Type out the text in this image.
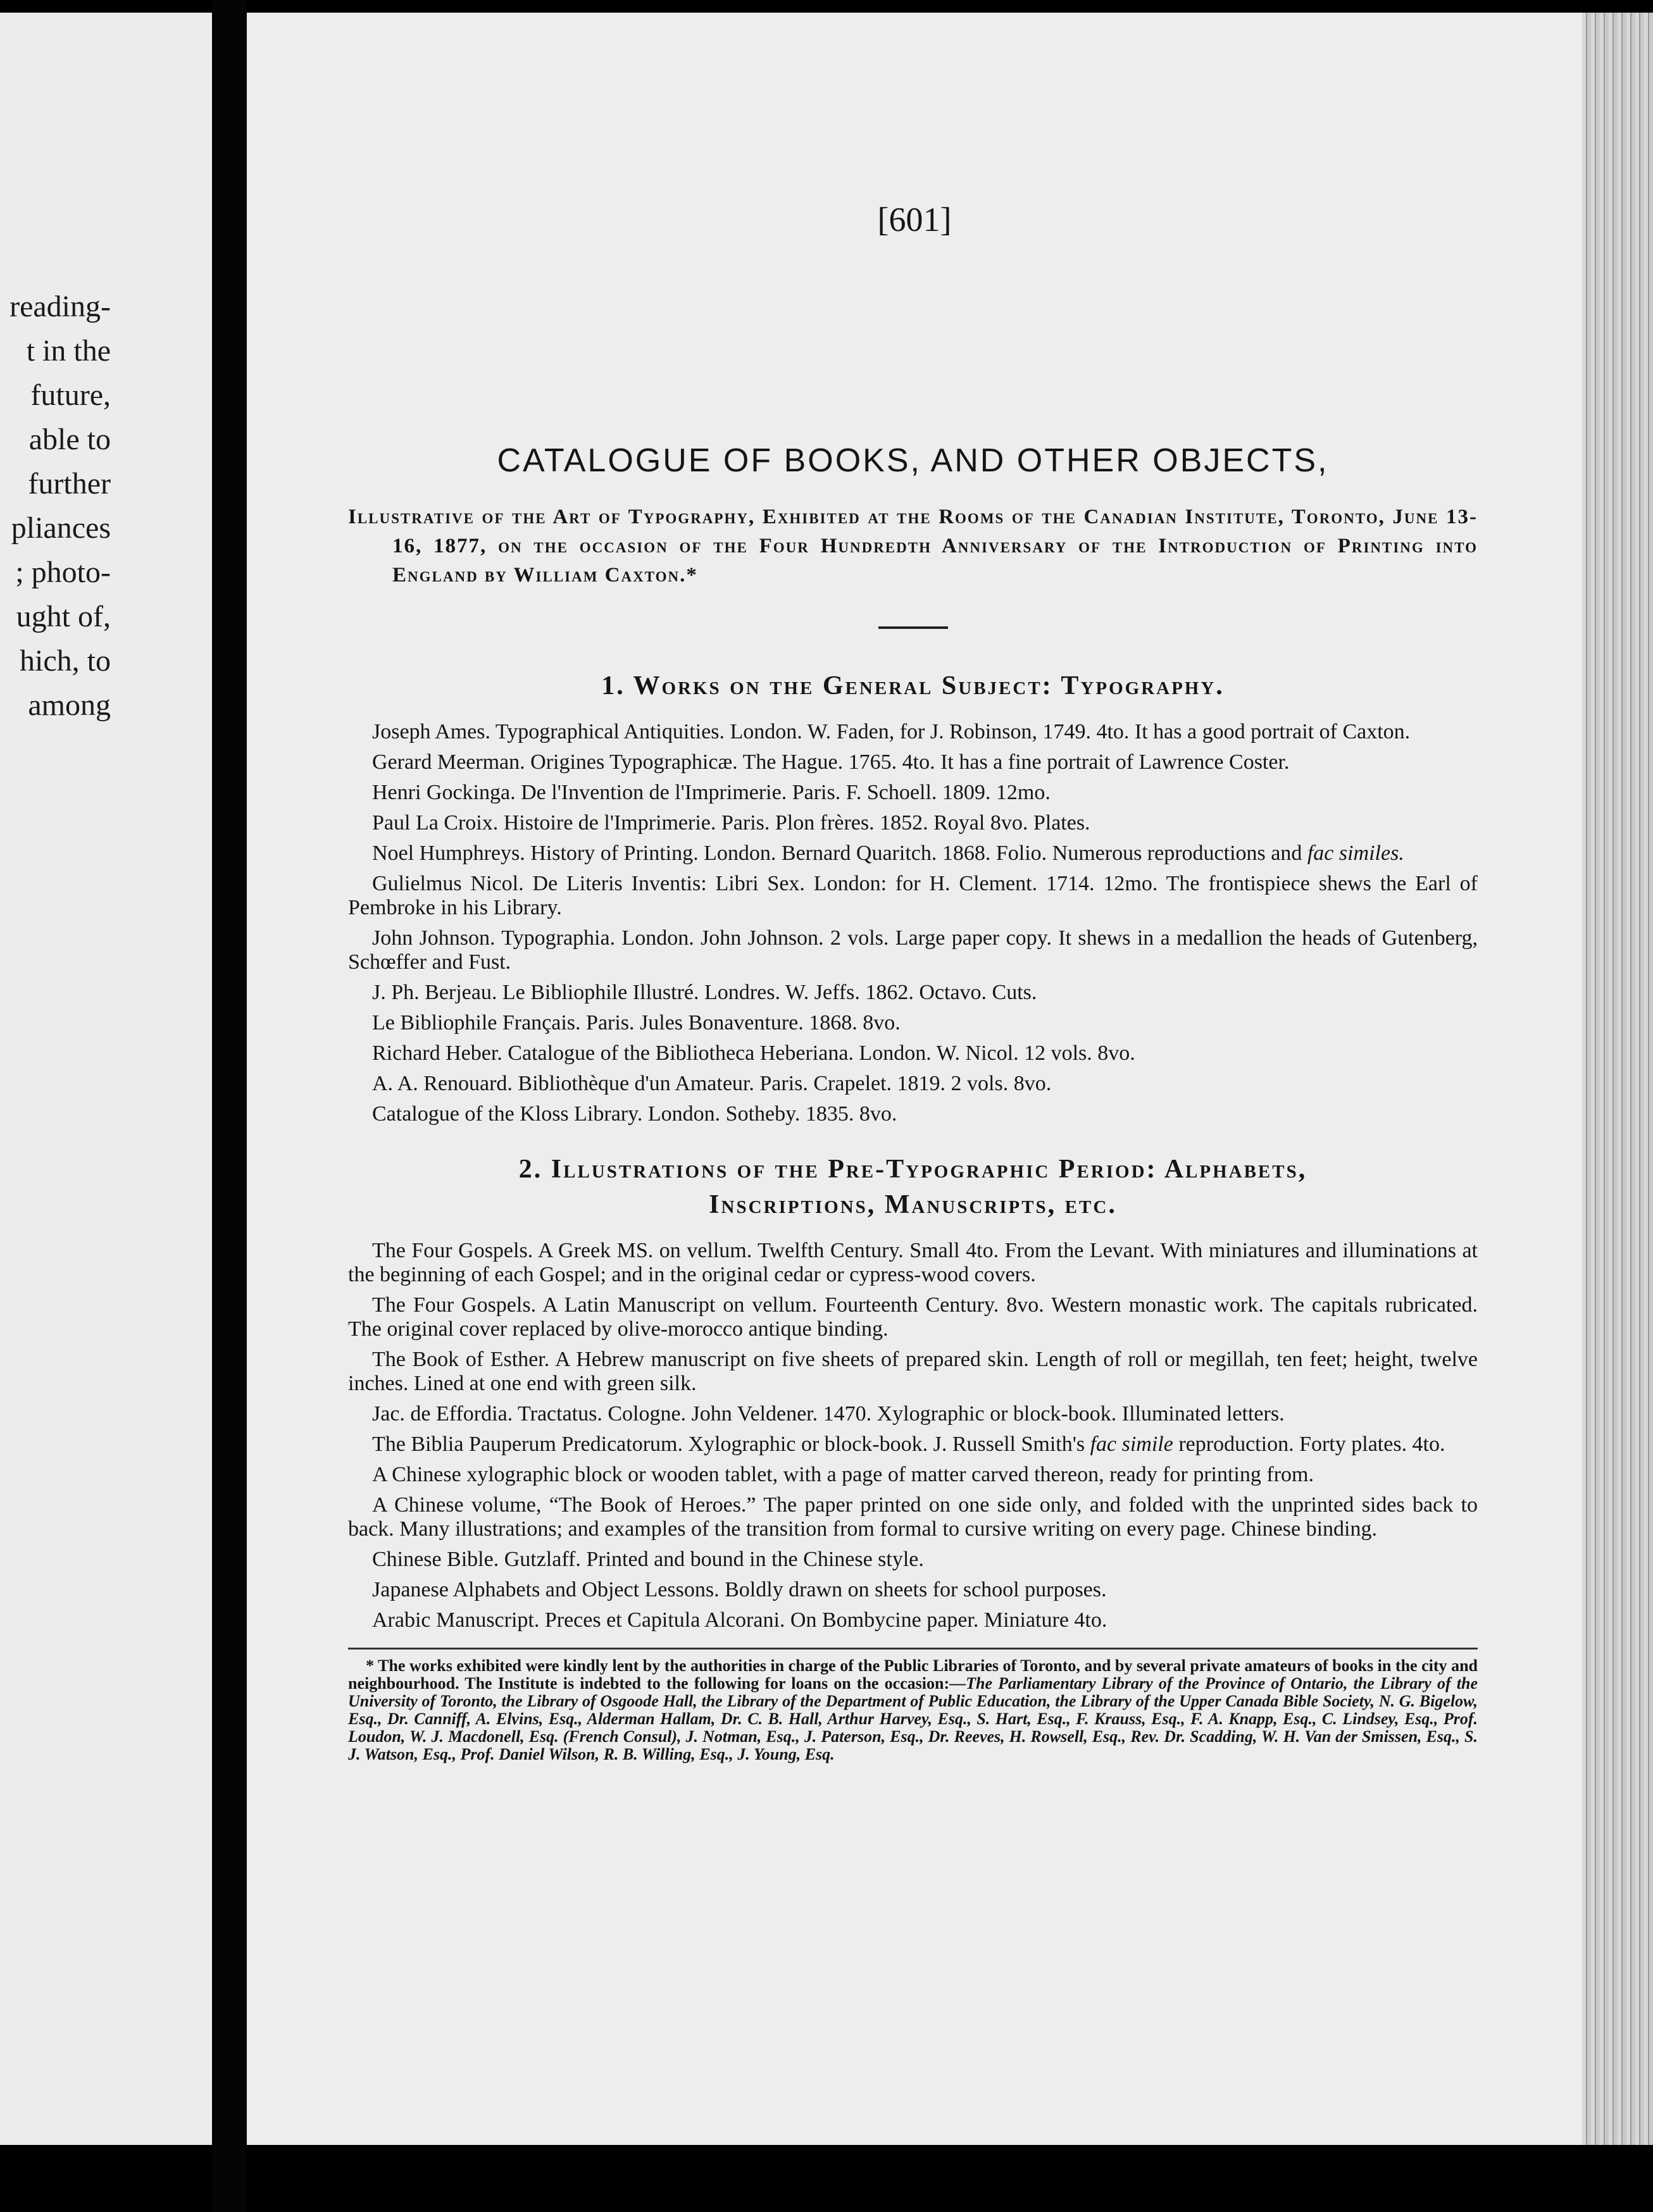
reading-
t in the
future,
able to
further
pliances
; photo-
ught of,
hich, to
among
[601]
CATALOGUE OF BOOKS, AND OTHER OBJECTS,
Illustrative of the Art of Typography, Exhibited at the Rooms of the Canadian Institute, Toronto, June 13-16, 1877, on the occasion of the Four Hundredth Anniversary of the Introduction of Printing into England by William Caxton.*
1. Works on the General Subject: Typography.

Joseph Ames. Typographical Antiquities. London. W. Faden, for J. Robinson, 1749. 4to. It has a good portrait of Caxton.

Gerard Meerman. Origines Typographicæ. The Hague. 1765. 4to. It has a fine portrait of Lawrence Coster.

Henri Gockinga. De l'Invention de l'Imprimerie. Paris. F. Schoell. 1809. 12mo.

Paul La Croix. Histoire de l'Imprimerie. Paris. Plon frères. 1852. Royal 8vo. Plates.

Noel Humphreys. History of Printing. London. Bernard Quaritch. 1868. Folio. Numerous reproductions and fac similes.

Gulielmus Nicol. De Literis Inventis: Libri Sex. London: for H. Clement. 1714. 12mo. The frontispiece shews the Earl of Pembroke in his Library.

John Johnson. Typographia. London. John Johnson. 2 vols. Large paper copy. It shews in a medallion the heads of Gutenberg, Schœffer and Fust.

J. Ph. Berjeau. Le Bibliophile Illustré. Londres. W. Jeffs. 1862. Octavo. Cuts.

Le Bibliophile Français. Paris. Jules Bonaventure. 1868. 8vo.

Richard Heber. Catalogue of the Bibliotheca Heberiana. London. W. Nicol. 12 vols. 8vo.

A. A. Renouard. Bibliothèque d'un Amateur. Paris. Crapelet. 1819. 2 vols. 8vo.

Catalogue of the Kloss Library. London. Sotheby. 1835. 8vo.

2. Illustrations of the Pre-Typographic Period: Alphabets,
Inscriptions, Manuscripts, etc.

The Four Gospels. A Greek MS. on vellum. Twelfth Century. Small 4to. From the Levant. With miniatures and illuminations at the beginning of each Gospel; and in the original cedar or cypress-wood covers.

The Four Gospels. A Latin Manuscript on vellum. Fourteenth Century. 8vo. Western monastic work. The capitals rubricated. The original cover replaced by olive-morocco antique binding.

The Book of Esther. A Hebrew manuscript on five sheets of prepared skin. Length of roll or megillah, ten feet; height, twelve inches. Lined at one end with green silk.

Jac. de Effordia. Tractatus. Cologne. John Veldener. 1470. Xylographic or block-book. Illuminated letters.

The Biblia Pauperum Predicatorum. Xylographic or block-book. J. Russell Smith's fac simile reproduction. Forty plates. 4to.

A Chinese xylographic block or wooden tablet, with a page of matter carved thereon, ready for printing from.

A Chinese volume, “The Book of Heroes.” The paper printed on one side only, and folded with the unprinted sides back to back. Many illustrations; and examples of the transition from formal to cursive writing on every page. Chinese binding.

Chinese Bible. Gutzlaff. Printed and bound in the Chinese style.

Japanese Alphabets and Object Lessons. Boldly drawn on sheets for school purposes.

Arabic Manuscript. Preces et Capitula Alcorani. On Bombycine paper. Miniature 4to.

* The works exhibited were kindly lent by the authorities in charge of the Public Libraries of Toronto, and by several private amateurs of books in the city and neighbourhood. The Institute is indebted to the following for loans on the occasion:—The Parliamentary Library of the Province of Ontario, the Library of the University of Toronto, the Library of Osgoode Hall, the Library of the Department of Public Education, the Library of the Upper Canada Bible Society, N. G. Bigelow, Esq., Dr. Canniff, A. Elvins, Esq., Alderman Hallam, Dr. C. B. Hall, Arthur Harvey, Esq., S. Hart, Esq., F. Krauss, Esq., F. A. Knapp, Esq., C. Lindsey, Esq., Prof. Loudon, W. J. Macdonell, Esq. (French Consul), J. Notman, Esq., J. Paterson, Esq., Dr. Reeves, H. Rowsell, Esq., Rev. Dr. Scadding, W. H. Van der Smissen, Esq., S. J. Watson, Esq., Prof. Daniel Wilson, R. B. Willing, Esq., J. Young, Esq.
